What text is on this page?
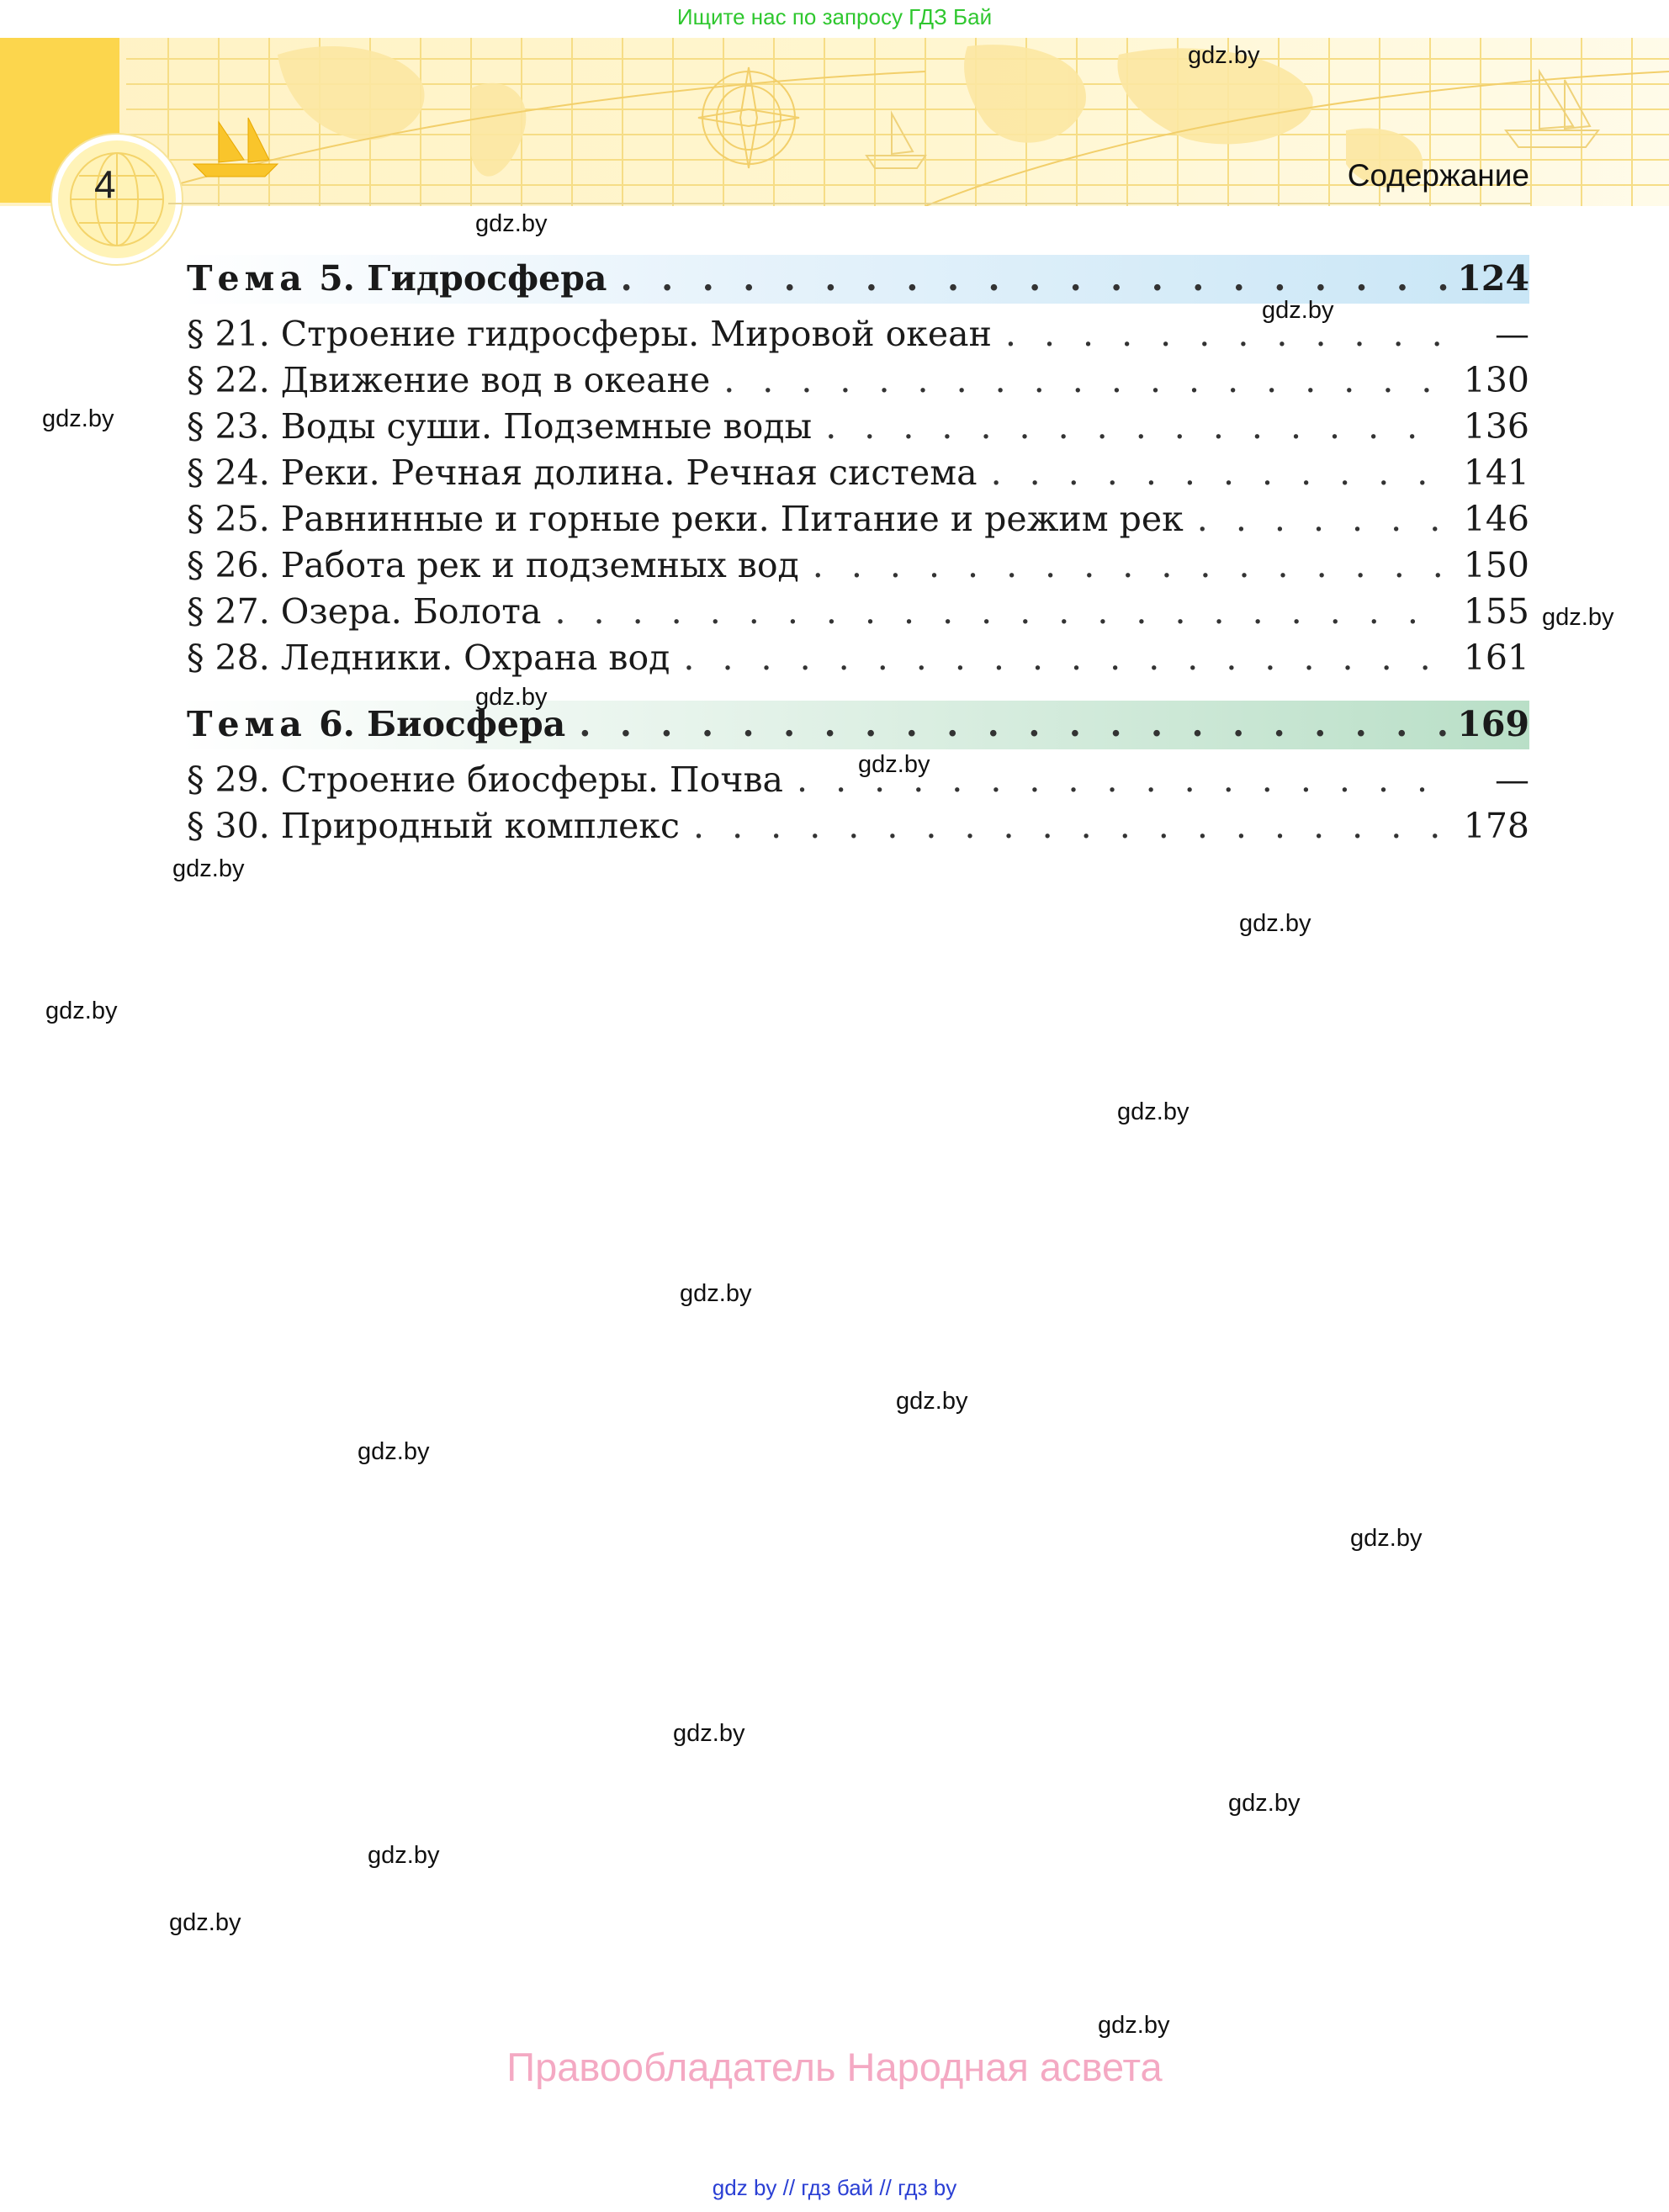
Ищите нас по запросу ГДЗ Бай
4	Содержание
Тема 5. Гидросфера . . .	124
§ 21. Строение гидросферы. Мировой океан . . .	—
§ 22. Движение вод в океане . . .	130
§ 23. Воды суши. Подземные воды . . .	136
§ 24. Реки. Речная долина. Речная система . . .	141
§ 25. Равнинные и горные реки. Питание и режим рек . . .	146
§ 26. Работа рек и подземных вод . . .	150
§ 27. Озера. Болота . . .	155
§ 28. Ледники. Охрана вод . . .	161
Тема 6. Биосфера . . .	169
§ 29. Строение биосферы. Почва . . .	—
§ 30. Природный комплекс . . .	178
gdz.by
gdz.by
gdz.by
gdz.by
gdz.by
gdz.by
gdz.by
gdz.by
gdz.by
gdz.by
gdz.by
gdz.by
gdz.by
gdz.by
gdz.by
gdz.by
gdz.by
gdz.by
gdz.by
gdz.by
Правообладатель Народная асвета
gdz by // гдз бай // гдз by
